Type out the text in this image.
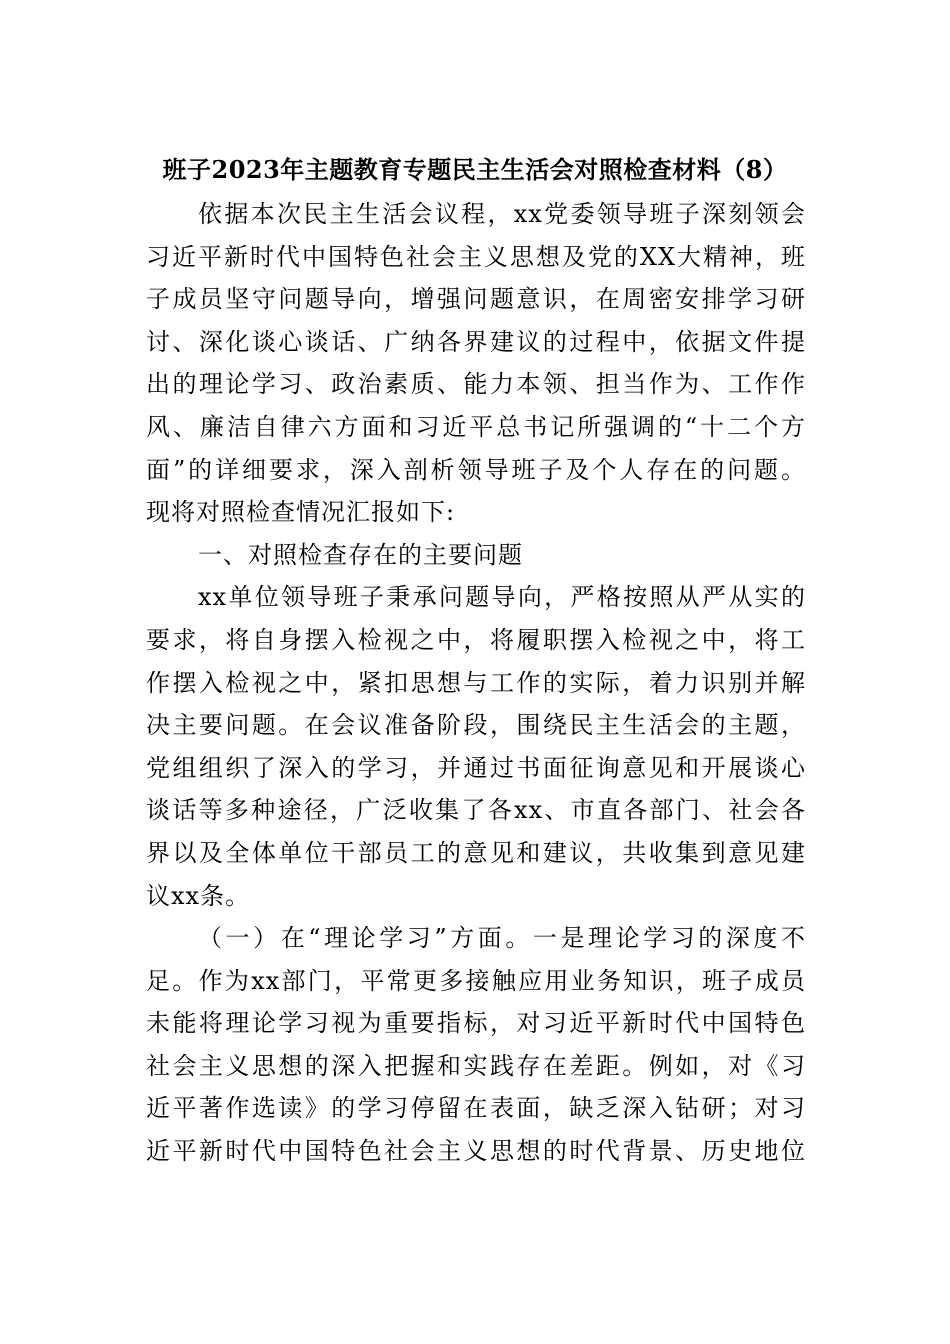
班子2023年主题教育专题民主生活会对照检查材料（8）
依据本次民主生活会议程，xx党委领导班子深刻领会
习近平新时代中国特色社会主义思想及党的XX大精神，班
子成员坚守问题导向，增强问题意识，在周密安排学习研
讨、深化谈心谈话、广纳各界建议的过程中，依据文件提
出的理论学习、政治素质、能力本领、担当作为、工作作
风、廉洁自律六方面和习近平总书记所强调的“十二个方
面”的详细要求，深入剖析领导班子及个人存在的问题。
现将对照检查情况汇报如下:
一、对照检查存在的主要问题
xx单位领导班子秉承问题导向，严格按照从严从实的
要求，将自身摆入检视之中，将履职摆入检视之中，将工
作摆入检视之中，紧扣思想与工作的实际，着力识别并解
决主要问题。在会议准备阶段，围绕民主生活会的主题，
党组组织了深入的学习，并通过书面征询意见和开展谈心
谈话等多种途径，广泛收集了各xx、市直各部门、社会各
界以及全体单位干部员工的意见和建议，共收集到意见建
议xx条。
（一）在“理论学习”方面。一是理论学习的深度不
足。作为xx部门，平常更多接触应用业务知识，班子成员
未能将理论学习视为重要指标，对习近平新时代中国特色
社会主义思想的深入把握和实践存在差距。例如，对《习
近平著作选读》的学习停留在表面，缺乏深入钻研；对习
近平新时代中国特色社会主义思想的时代背景、历史地位
